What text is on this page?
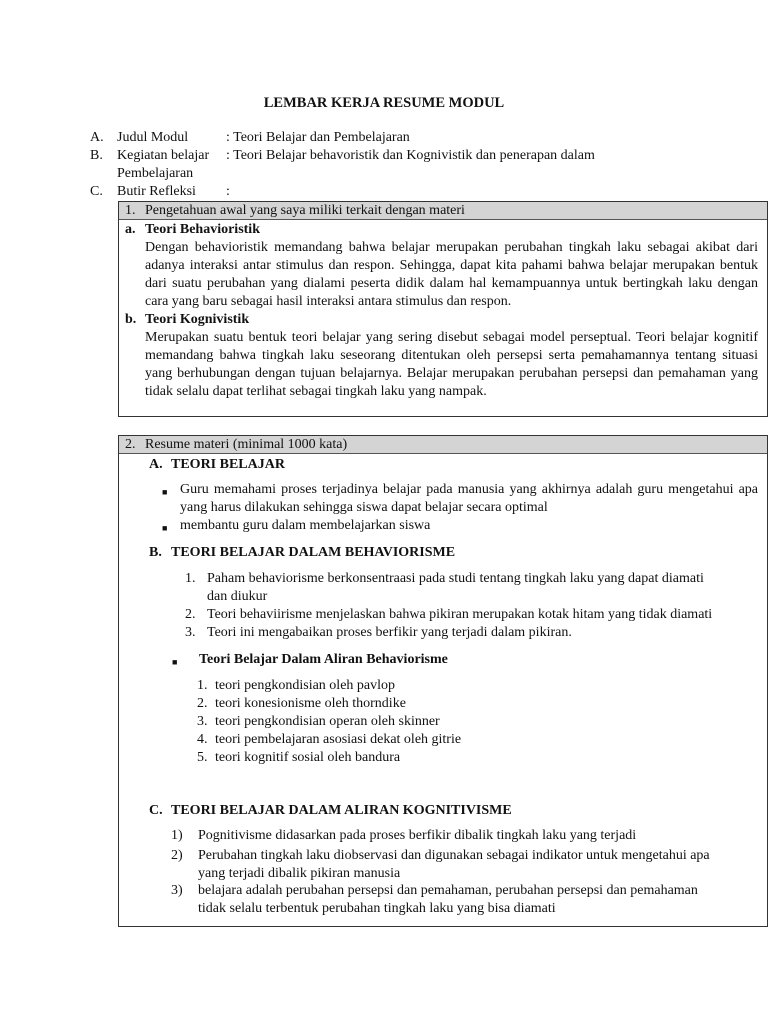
LEMBAR KERJA RESUME MODUL
A. Judul Modul	: Teori Belajar dan Pembelajaran
B. Kegiatan belajar : Teori Belajar behavoristik dan Kognivistik dan penerapan dalam
Pembelajaran
C. Butir Refleksi :
1. Pengetahuan awal yang saya miliki terkait dengan materi
a. Teori Behavioristik
Dengan behavioristik memandang bahwa belajar merupakan perubahan tingkah laku sebagai akibat dari adanya interaksi antar stimulus dan respon. Sehingga, dapat kita pahami bahwa belajar merupakan bentuk dari suatu perubahan yang dialami peserta didik dalam hal kemampuannya untuk bertingkah laku dengan cara yang baru sebagai hasil interaksi antara stimulus dan respon.
b. Teori Kognivistik
Merupakan suatu bentuk teori belajar yang sering disebut sebagai model perseptual. Teori belajar kognitif memandang bahwa tingkah laku seseorang ditentukan oleh persepsi serta pemahamannya tentang situasi yang berhubungan dengan tujuan belajarnya. Belajar merupakan perubahan persepsi dan pemahaman yang tidak selalu dapat terlihat sebagai tingkah laku yang nampak.
2. Resume materi (minimal 1000 kata)
A. TEORI BELAJAR
■ Guru memahami proses terjadinya belajar pada manusia yang akhirnya adalah guru mengetahui apa yang harus dilakukan sehingga siswa dapat belajar secara optimal
■ membantu guru dalam membelajarkan siswa
B. TEORI BELAJAR DALAM BEHAVIORISME
1. Paham behaviorisme berkonsentraasi pada studi tentang tingkah laku yang dapat diamati
dan diukur
2. Teori behaviirisme menjelaskan bahwa pikiran merupakan kotak hitam yang tidak diamati
3. Teori ini mengabaikan proses berfikir yang terjadi dalam pikiran.
■ Teori Belajar Dalam Aliran Behaviorisme
1. teori pengkondisian oleh pavlop
2. teori konesionisme oleh thorndike
3. teori pengkondisian operan oleh skinner
4. teori pembelajaran asosiasi dekat oleh gitrie
5. teori kognitif sosial oleh bandura
C. TEORI BELAJAR DALAM ALIRAN KOGNITIVISME
1) Pognitivisme didasarkan pada proses berfikir dibalik tingkah laku yang terjadi
2) Perubahan tingkah laku diobservasi dan digunakan sebagai indikator untuk mengetahui apa
yang terjadi dibalik pikiran manusia
3) belajara adalah perubahan persepsi dan pemahaman, perubahan persepsi dan pemahaman
tidak selalu terbentuk perubahan tingkah laku yang bisa diamati
